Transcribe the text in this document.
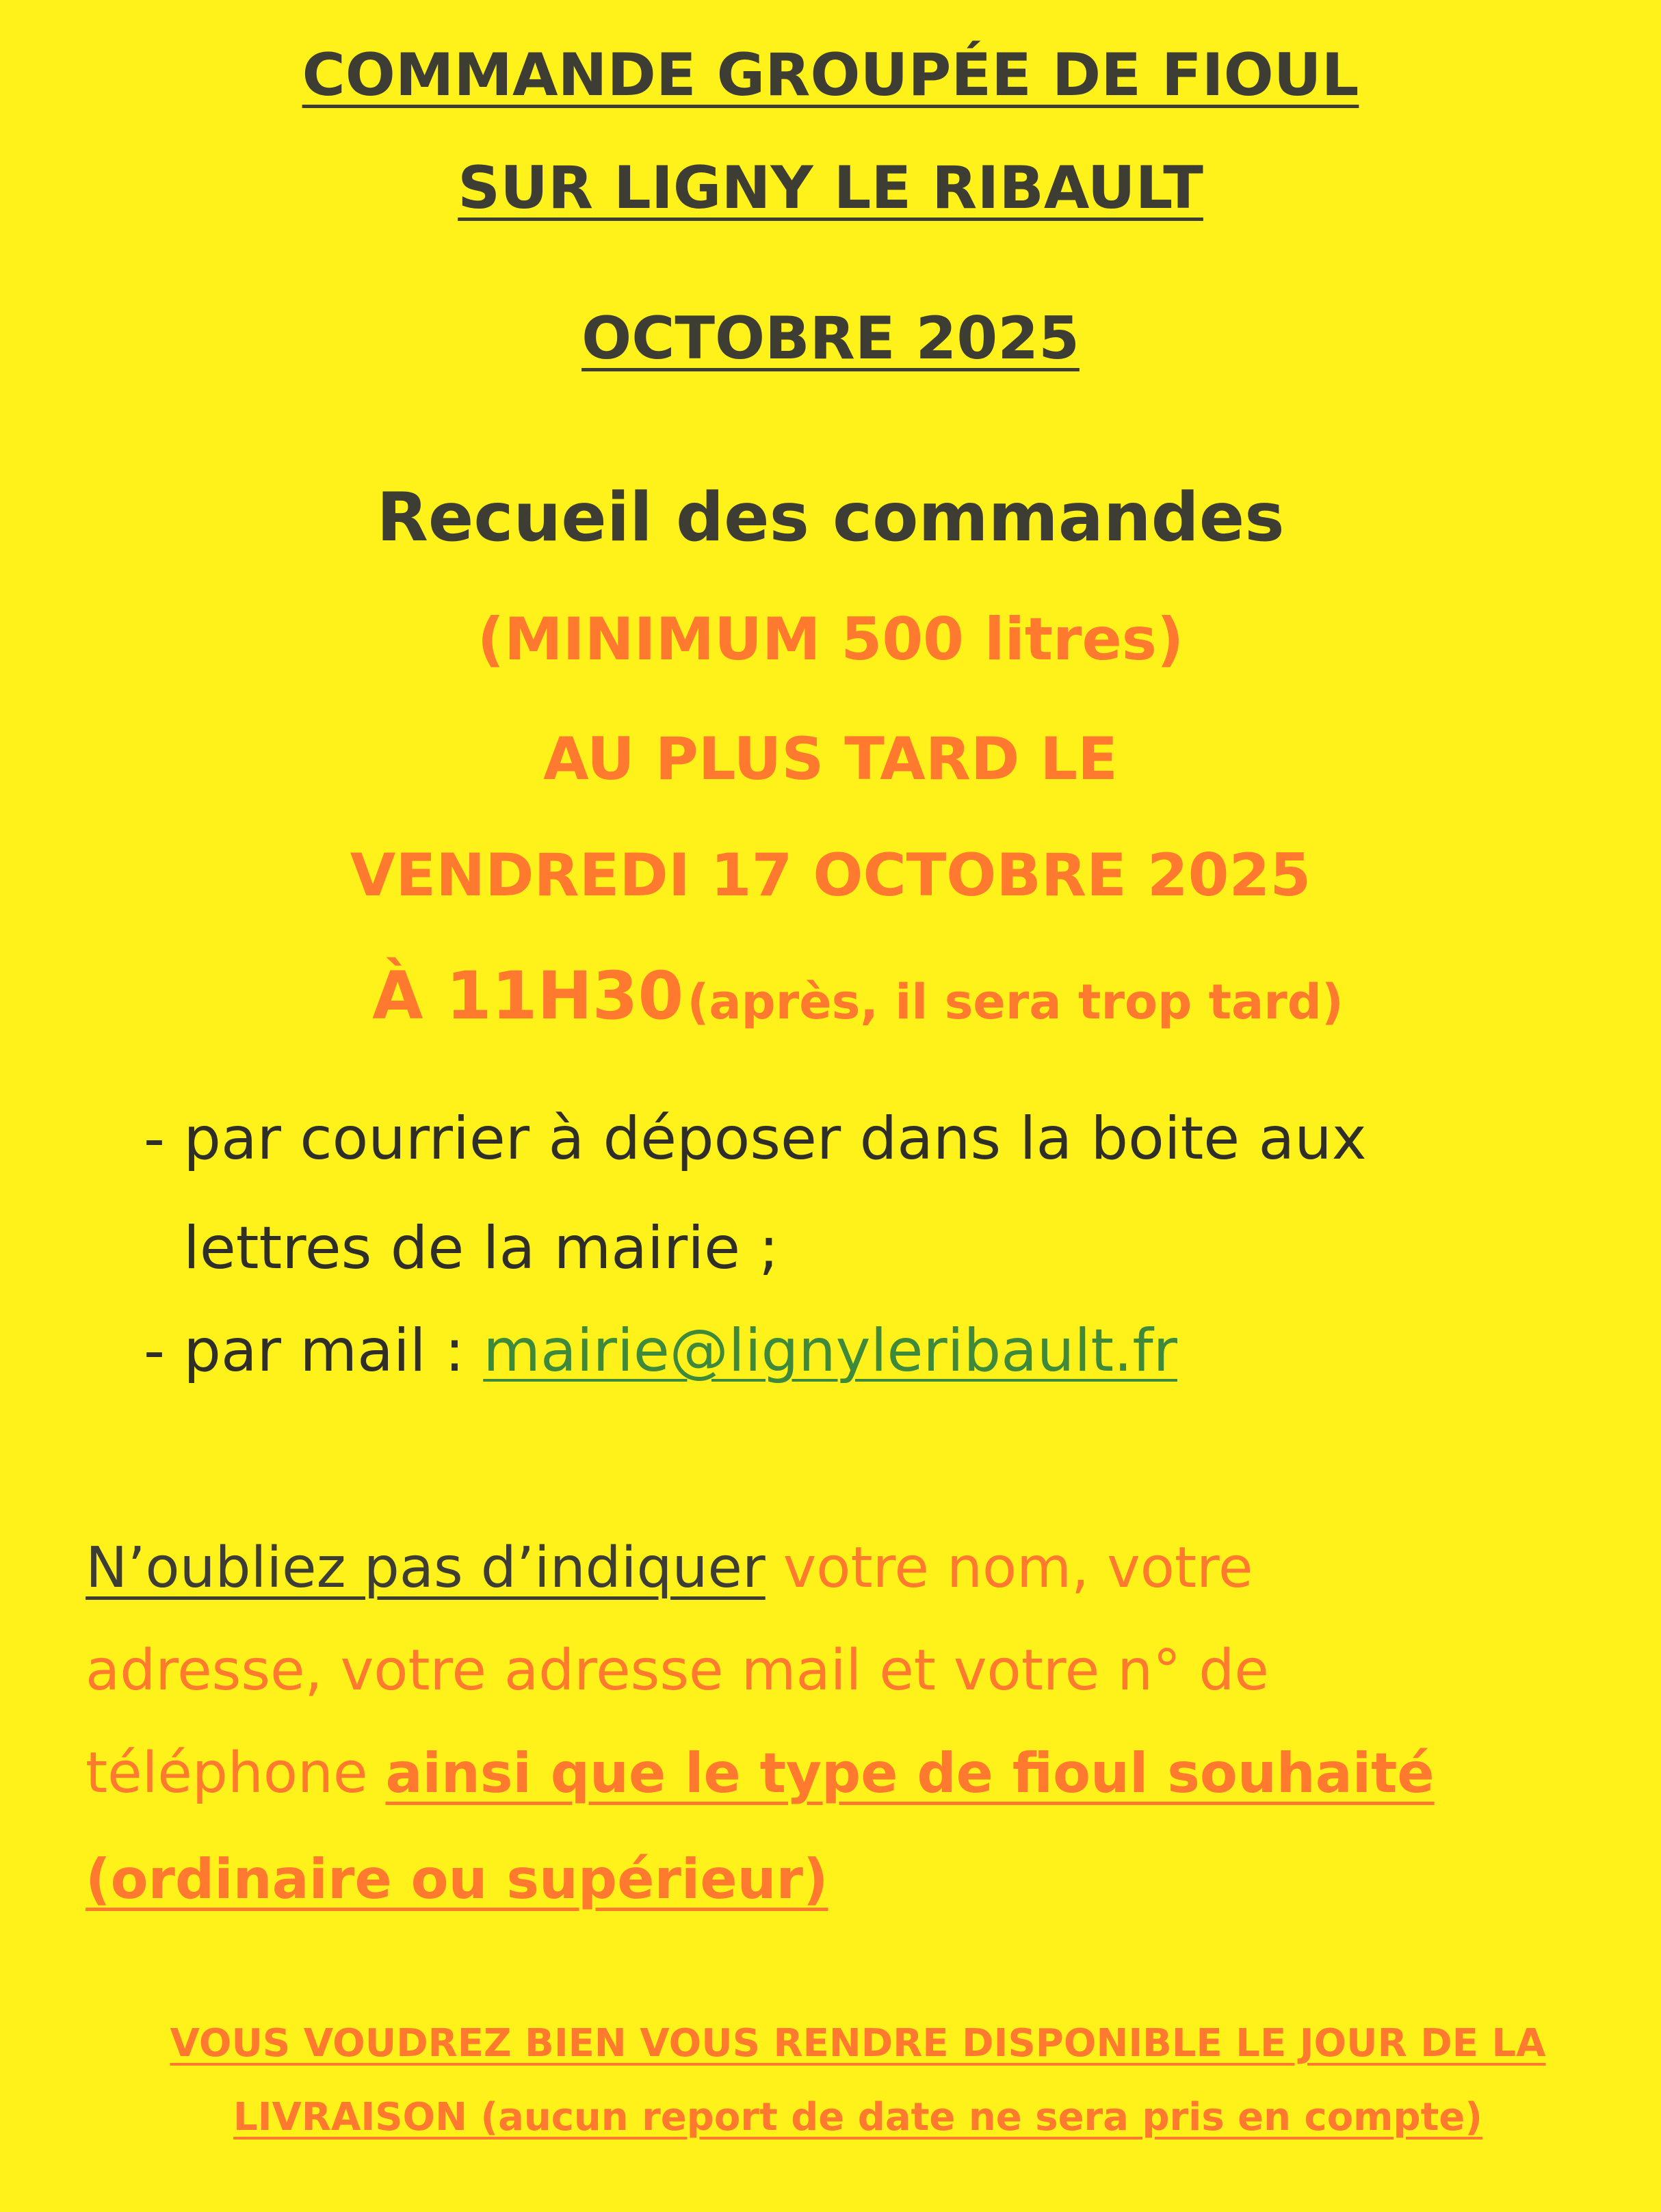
COMMANDE GROUPÉE DE FIOUL
SUR LIGNY LE RIBAULT
OCTOBRE 2025
Recueil des commandes
(MINIMUM 500 litres)
AU PLUS TARD LE
VENDREDI 17 OCTOBRE 2025
À 11H30 (après, il sera trop tard)
- par courrier à déposer dans la boite aux
lettres de la mairie ;
- par mail : mairie@lignyleribault.fr
N’oubliez pas d’indiquer votre nom, votre
adresse, votre adresse mail et votre n° de
téléphone ainsi que le type de fioul souhaité
(ordinaire ou supérieur)
VOUS VOUDREZ BIEN VOUS RENDRE DISPONIBLE LE JOUR DE LA
LIVRAISON (aucun report de date ne sera pris en compte)
